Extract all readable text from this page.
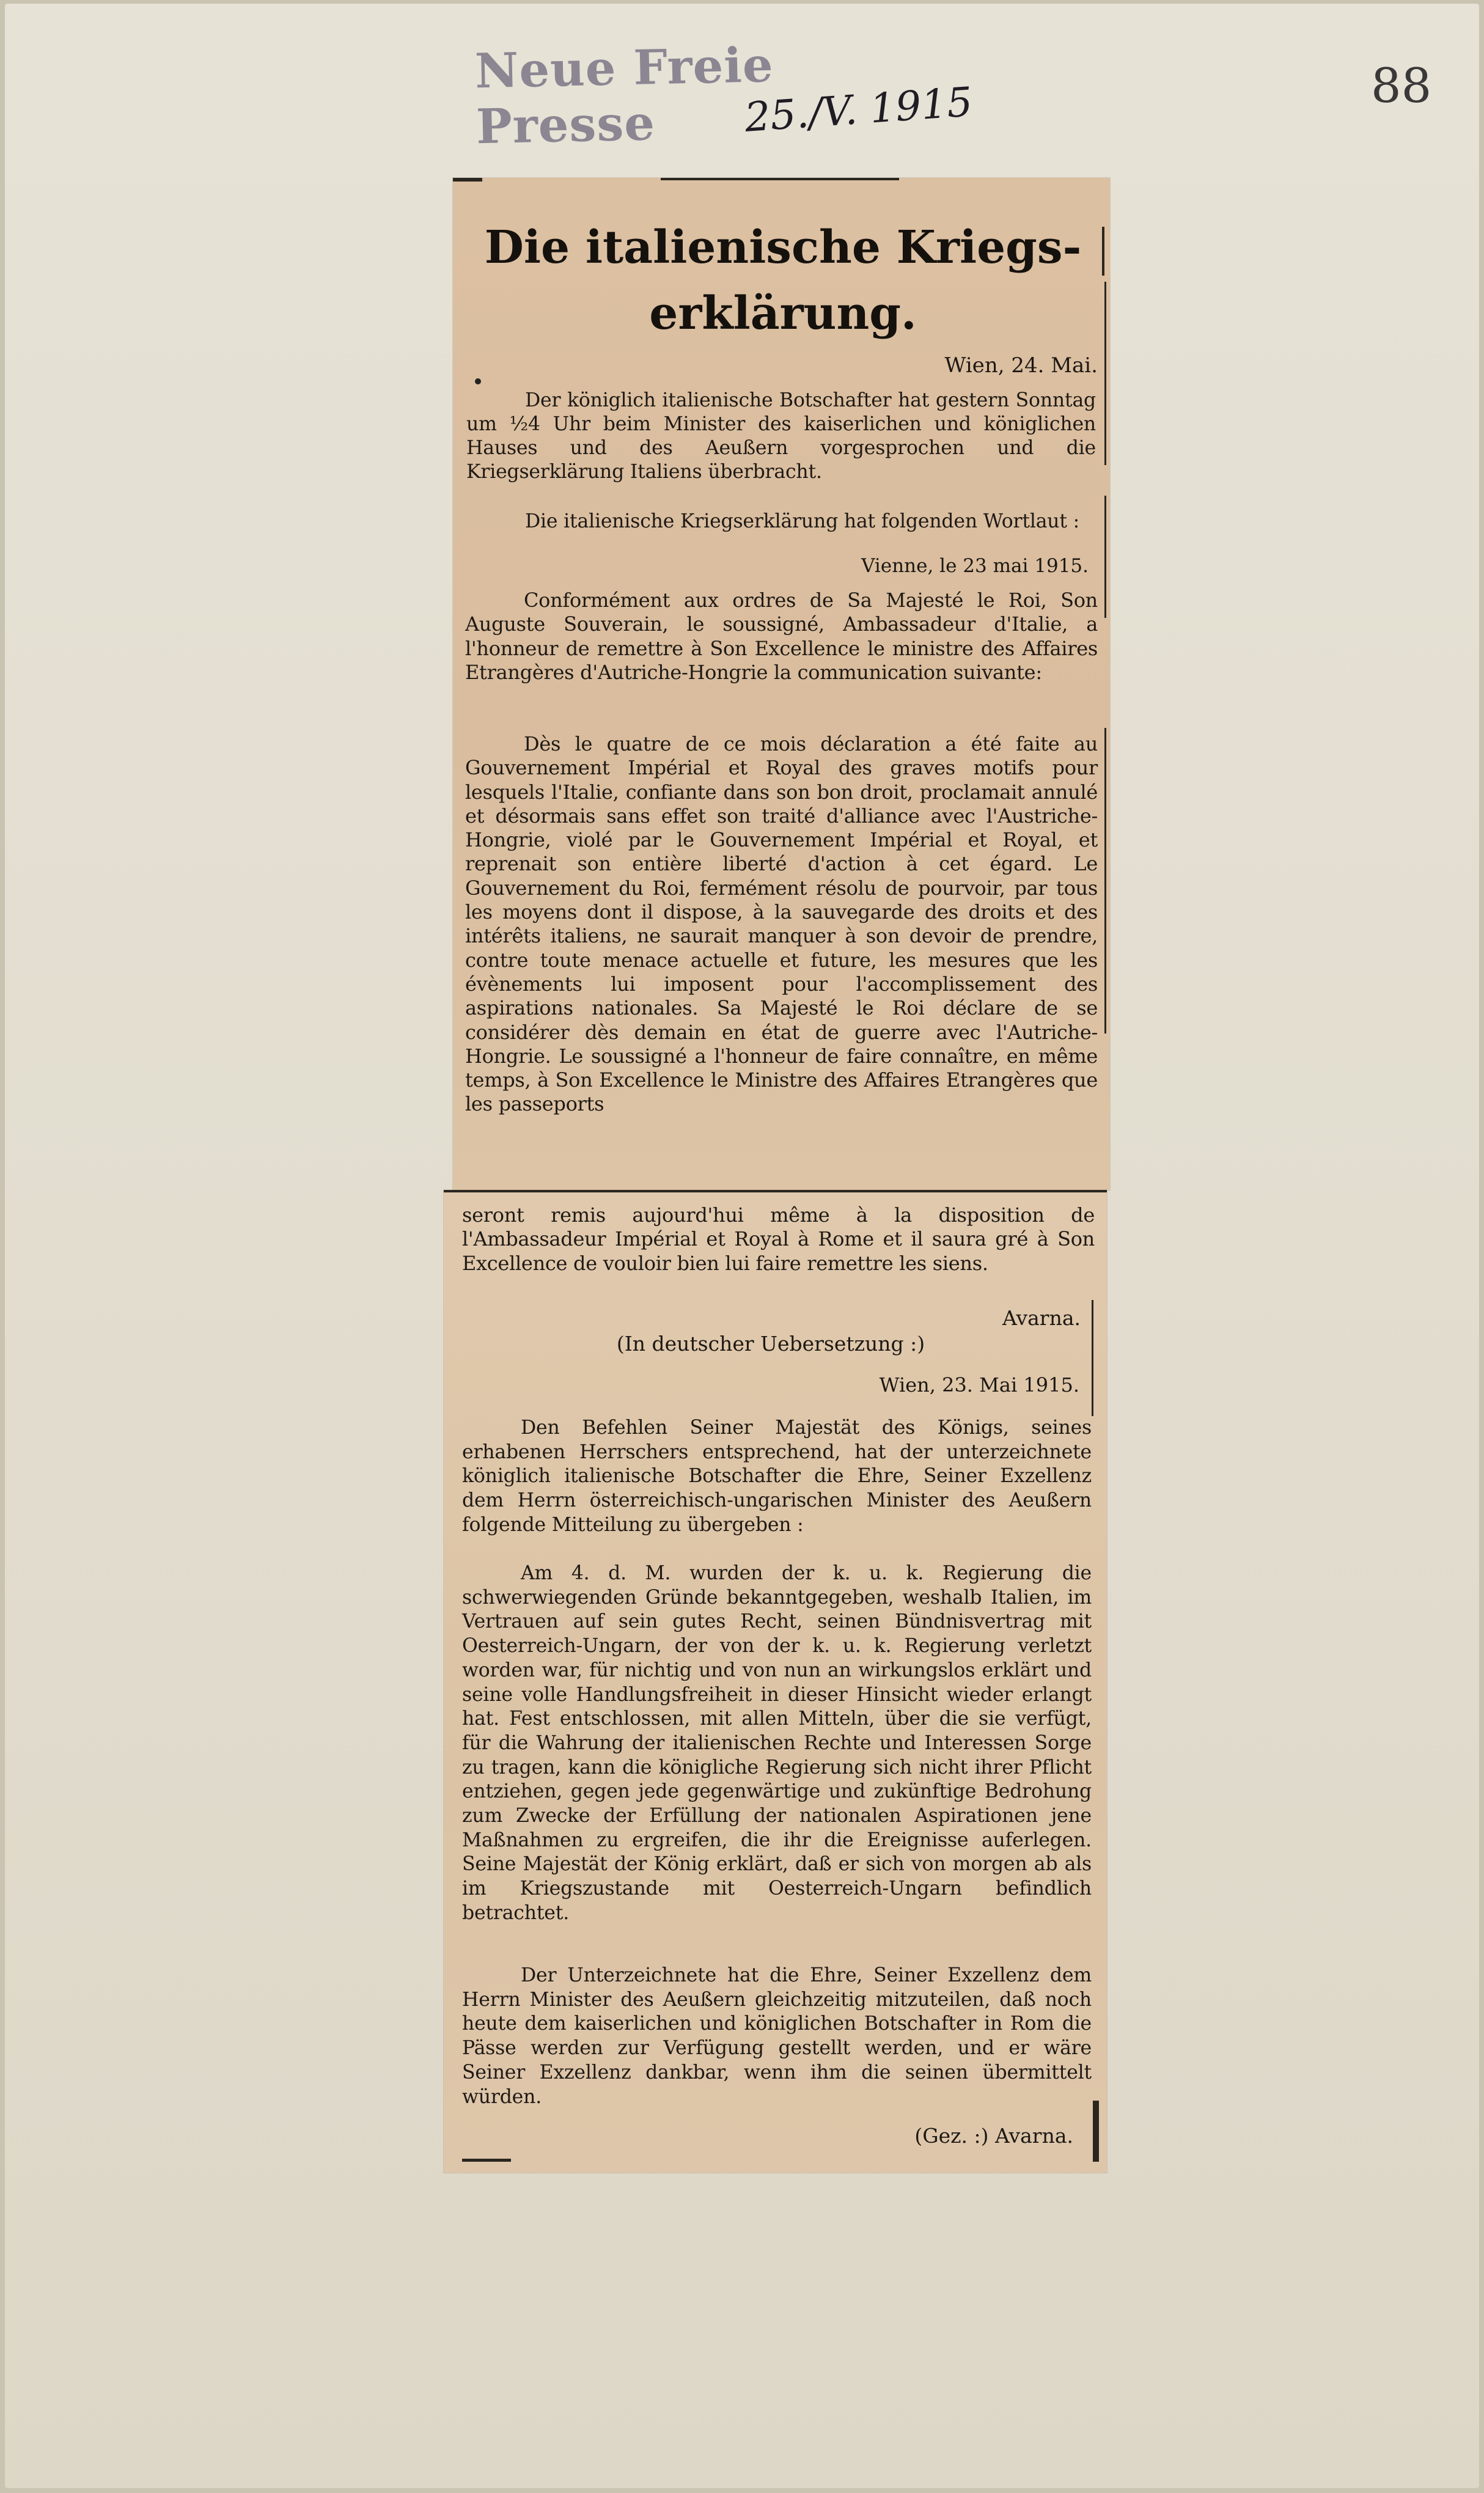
Neue Freie Presse	25./V. 1915	88
Die italienische Kriegs-erklärung.
Wien, 24. Mai.

Der königlich italienische Botschafter hat gestern Sonntag um ½4 Uhr beim Minister des kaiserlichen und königlichen Hauses und des Aeußern vorgesprochen und die Kriegserklärung Italiens überbracht.

Die italienische Kriegserklärung hat folgenden Wortlaut :

Vienne, le 23 mai 1915.

Conformément aux ordres de Sa Majesté le Roi, Son Auguste Souverain, le soussigné, Ambassadeur d'Italie, a l'honneur de remettre à Son Excellence le ministre des Affaires Etrangères d'Autriche-Hongrie la communication suivante:

Dès le quatre de ce mois déclaration a été faite au Gouvernement Impérial et Royal des graves motifs pour lesquels l'Italie, confiante dans son bon droit, proclamait annulé et désormais sans effet son traité d'alliance avec l'Austriche-Hongrie, violé par le Gouvernement Impérial et Royal, et reprenait son entière liberté d'action à cet égard. Le Gouvernement du Roi, fermément résolu de pourvoir, par tous les moyens dont il dispose, à la sauvegarde des droits et des intérêts italiens, ne saurait manquer à son devoir de prendre, contre toute menace actuelle et future, les mesures que les évènements lui imposent pour l'accomplissement des aspirations nationales. Sa Majesté le Roi déclare de se considérer dès demain en état de guerre avec l'Autriche-Hongrie. Le soussigné a l'honneur de faire connaître, en même temps, à Son Excellence le Ministre des Affaires Etrangères que les passeports

seront remis aujourd'hui même à la disposition de l'Ambassadeur Impérial et Royal à Rome et il saura gré à Son Excellence de vouloir bien lui faire remettre les siens.

Avarna.
(In deutscher Uebersetzung :)
Wien, 23. Mai 1915.

Den Befehlen Seiner Majestät des Königs, seines erhabenen Herrschers entsprechend, hat der unterzeichnete königlich italienische Botschafter die Ehre, Seiner Exzellenz dem Herrn österreichisch-ungarischen Minister des Aeußern folgende Mitteilung zu übergeben :

Am 4. d. M. wurden der k. u. k. Regierung die schwerwiegenden Gründe bekanntgegeben, weshalb Italien, im Vertrauen auf sein gutes Recht, seinen Bündnisvertrag mit Oesterreich-Ungarn, der von der k. u. k. Regierung verletzt worden war, für nichtig und von nun an wirkungslos erklärt und seine volle Handlungsfreiheit in dieser Hinsicht wieder erlangt hat. Fest entschlossen, mit allen Mitteln, über die sie verfügt, für die Wahrung der italienischen Rechte und Interessen Sorge zu tragen, kann die königliche Regierung sich nicht ihrer Pflicht entziehen, gegen jede gegenwärtige und zukünftige Bedrohung zum Zwecke der Erfüllung der nationalen Aspirationen jene Maßnahmen zu ergreifen, die ihr die Ereignisse auferlegen. Seine Majestät der König erklärt, daß er sich von morgen ab als im Kriegszustande mit Oesterreich-Ungarn befindlich betrachtet.

Der Unterzeichnete hat die Ehre, Seiner Exzellenz dem Herrn Minister des Aeußern gleichzeitig mitzuteilen, daß noch heute dem kaiserlichen und königlichen Botschafter in Rom die Pässe werden zur Verfügung gestellt werden, und er wäre Seiner Exzellenz dankbar, wenn ihm die seinen übermittelt würden.

(Gez. :) Avarna.
